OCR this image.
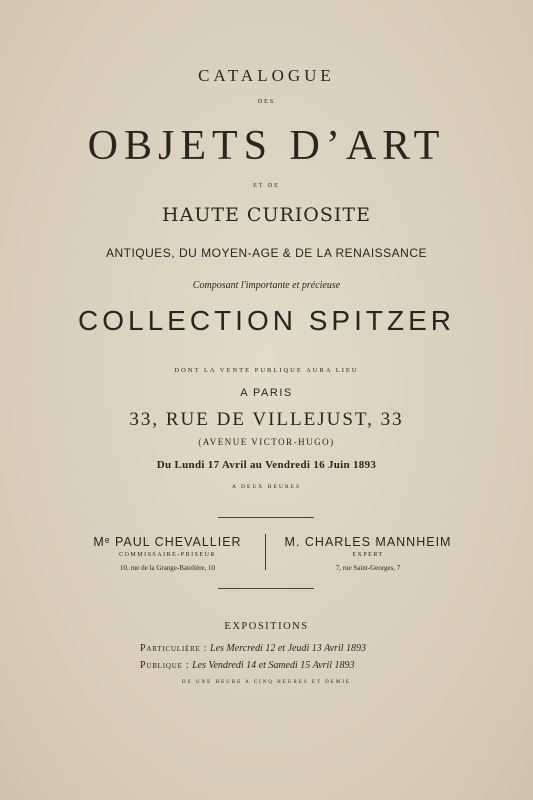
CATALOGUE
DES
OBJETS D’ART
ET DE
HAUTE CURIOSITE
ANTIQUES, DU MOYEN-AGE & DE LA RENAISSANCE
Composant l'importante et précieuse
COLLECTION SPITZER
DONT LA VENTE PUBLIQUE AURA LIEU
A PARIS
33, RUE DE VILLEJUST, 33
(AVENUE VICTOR-HUGO)
Du Lundi 17 Avril au Vendredi 16 Juin 1893
A DEUX HEURES
Mᵉ PAUL CHEVALLIER
COMMISSAIRE-PRISEUR
10, rue de la Grange-Batelière, 10
M. CHARLES MANNHEIM
EXPERT
7, rue Saint-Georges, 7
EXPOSITIONS
Particulière : Les Mercredi 12 et Jeudi 13 Avril 1893
Publique : Les Vendredi 14 et Samedi 15 Avril 1893
DE UNE HEURE A CINQ HEURES ET DEMIE
